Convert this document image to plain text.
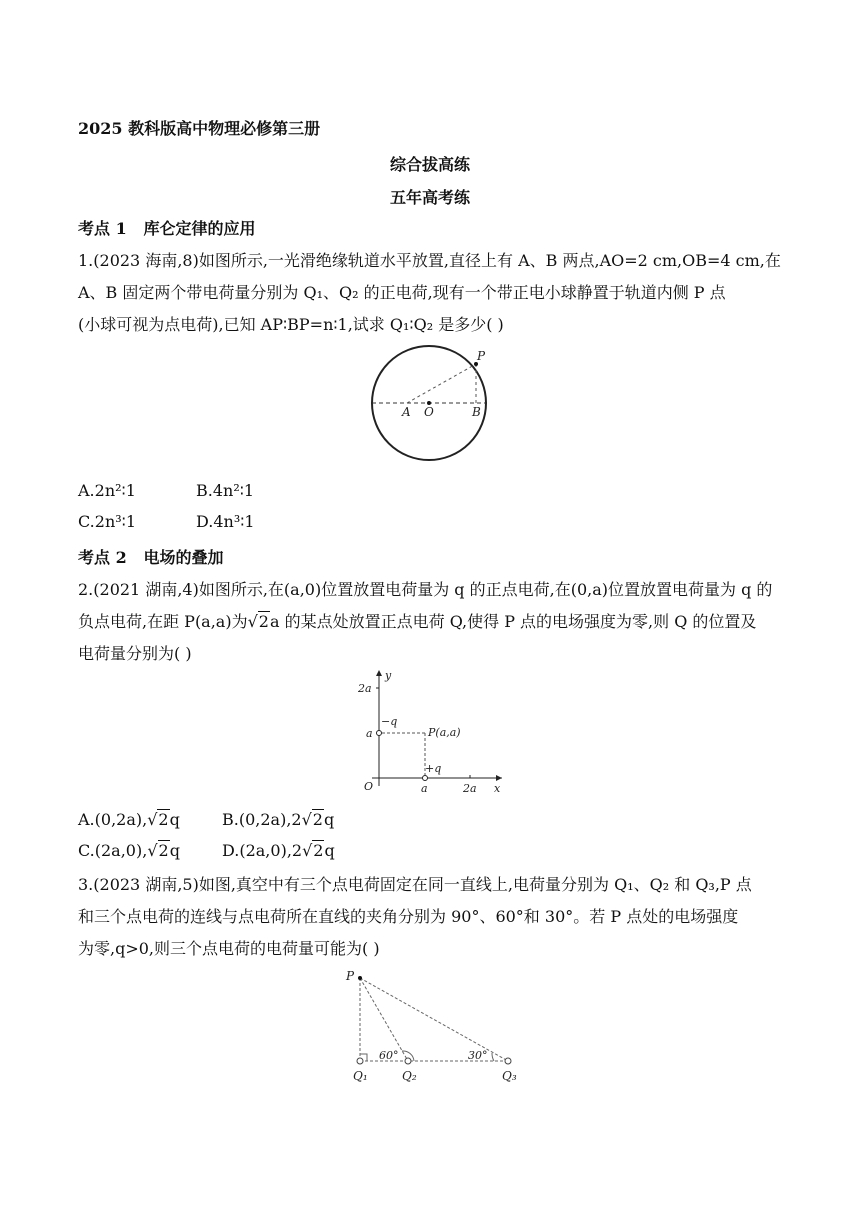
2025 教科版高中物理必修第三册
综合拔高练
五年高考练
考点 1 库仑定律的应用
1.(2023 海南,8)如图所示,一光滑绝缘轨道水平放置,直径上有 A、B 两点,AO=2 cm,OB=4 cm,在
A、B 固定两个带电荷量分别为 Q₁、Q₂ 的正电荷,现有一个带正电小球静置于轨道内侧 P 点
(小球可视为点电荷),已知 AP∶BP=n∶1,试求 Q₁∶Q₂ 是多少( )
P
A O	B
A.2n²∶1	B.4n²∶1
C.2n³∶1	D.4n³∶1
考点 2 电场的叠加
2.(2021 湖南,4)如图所示,在(a,0)位置放置电荷量为 q 的正点电荷,在(0,a)位置放置电荷量为 q 的
负点电荷,在距 P(a,a)为√2a 的某点处放置正点电荷 Q,使得 P 点的电场强度为零,则 Q 的位置及
电荷量分别为( )
y
2a
−q
a	P(a,a)
+q
O	a	2a x
A.(0,2a),√2q	B.(0,2a),2√2q
C.(2a,0),√2q	D.(2a,0),2√2q
3.(2023 湖南,5)如图,真空中有三个点电荷固定在同一直线上,电荷量分别为 Q₁、Q₂ 和 Q₃,P 点
和三个点电荷的连线与点电荷所在直线的夹角分别为 90°、60°和 30°。若 P 点处的电场强度
为零,q>0,则三个点电荷的电荷量可能为( )
P
60°	30°
Q₁	Q₂	Q₃
